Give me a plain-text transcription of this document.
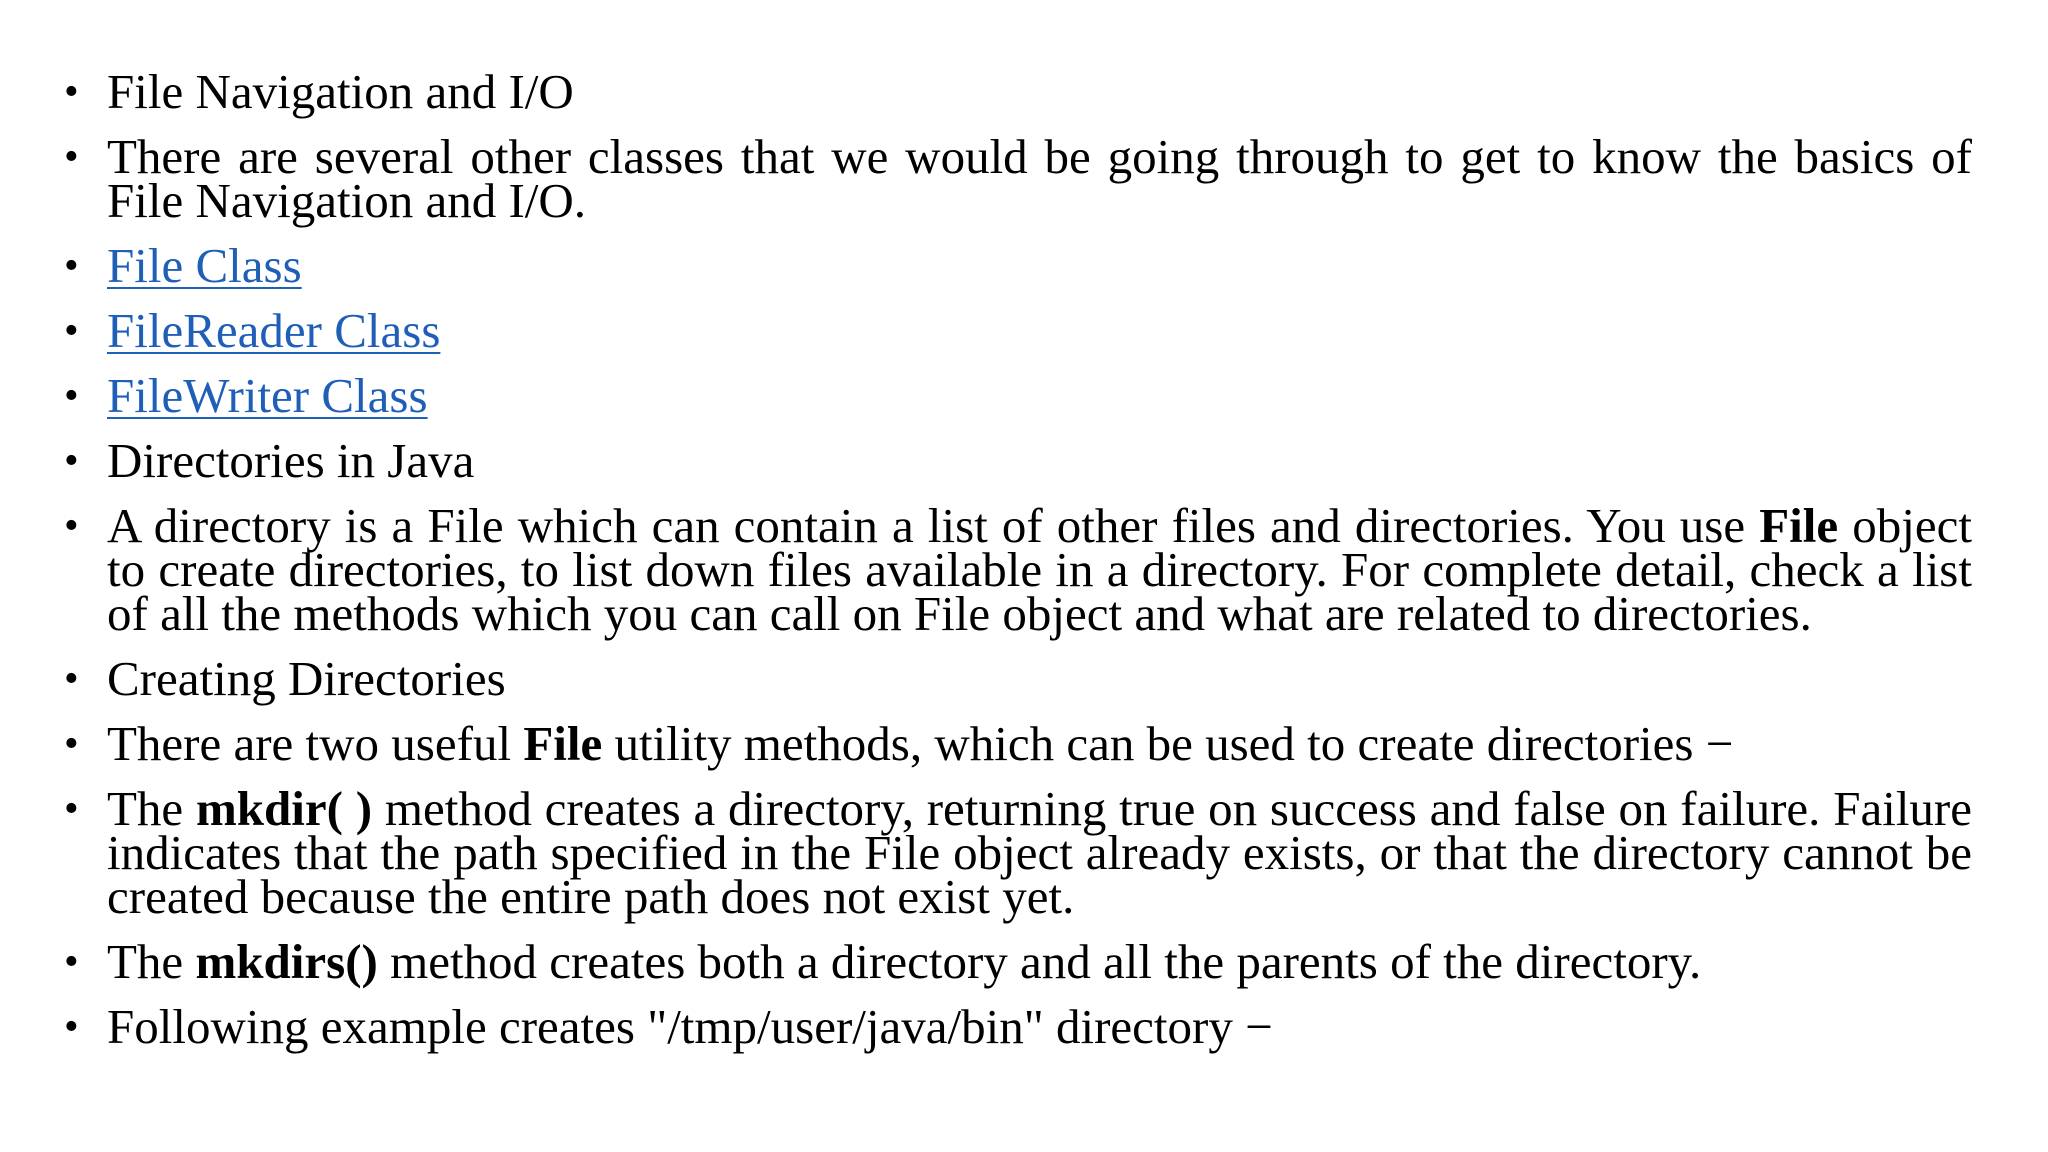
• File Navigation and I/O
• There are several other classes that we would be going through to get to know the basics of File Navigation and I/O.
• File Class
• FileReader Class
• FileWriter Class
• Directories in Java
• A directory is a File which can contain a list of other files and directories. You use File object to create directories, to list down files available in a directory. For complete detail, check a list of all the methods which you can call on File object and what are related to directories.
• Creating Directories
• There are two useful File utility methods, which can be used to create directories −
• The mkdir( ) method creates a directory, returning true on success and false on failure. Failure indicates that the path specified in the File object already exists, or that the directory cannot be created because the entire path does not exist yet.
• The mkdirs() method creates both a directory and all the parents of the directory.
• Following example creates "/tmp/user/java/bin" directory −
